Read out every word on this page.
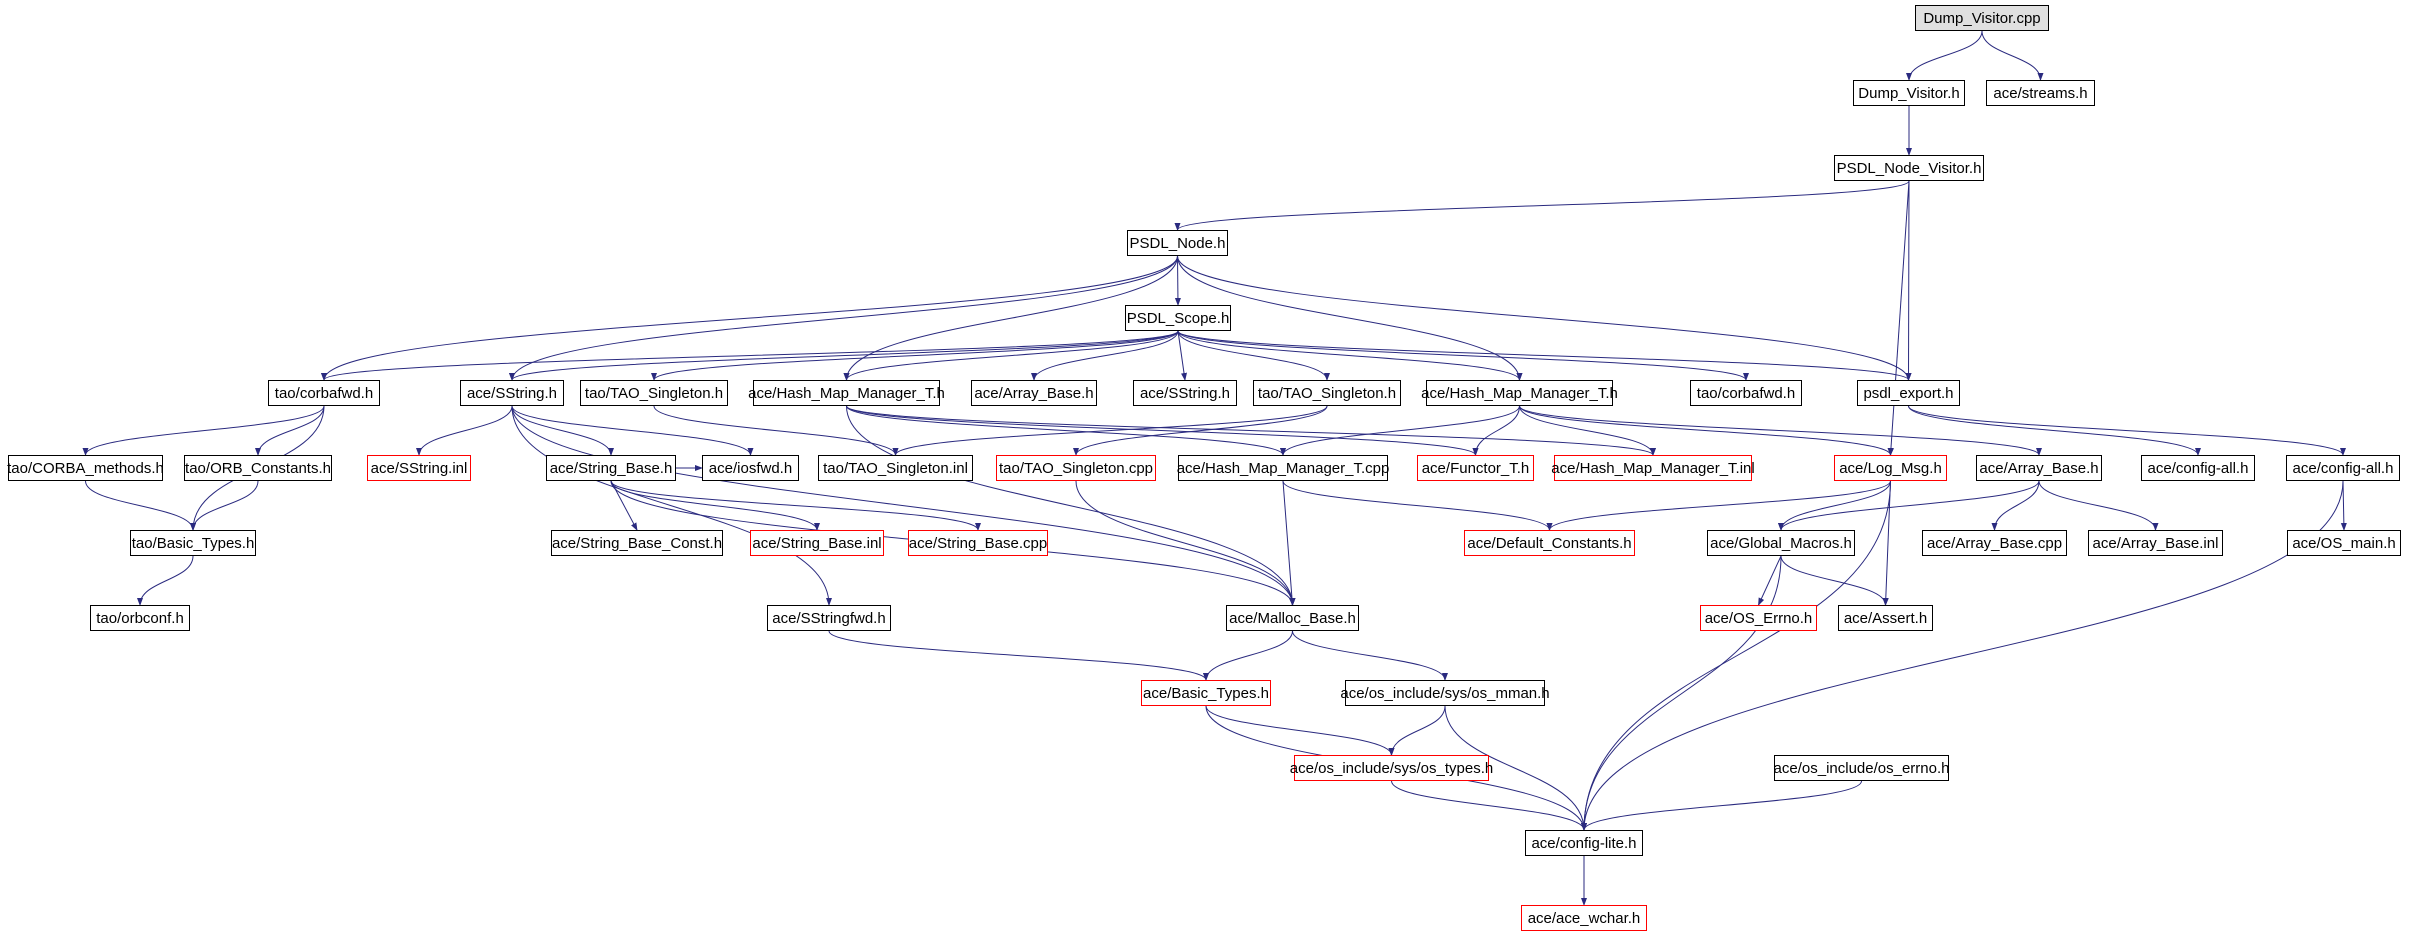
Dump_Visitor.cpp
Dump_Visitor.h ace/streams.h
PSDL_Node_Visitor.h
PSDL_Node.h
PSDL_Scope.h
tao/corbafwd.h	ace/SString.h tao/TAO_Singleton.h ace/Hash_Map_Manager_T.h ace/Array_Base.h	ace/SString.h tao/TAO_Singleton.h ace/Hash_Map_Manager_T.h	tao/corbafwd.h	psdl_export.h
tao/CORBA_methods.h tao/ORB_Constants.h	ace/SString.inl	ace/String_Base.h ace/iosfwd.h tao/TAO_Singleton.inl tao/TAO_Singleton.cpp ace/Hash_Map_Manager_T.cpp ace/Functor_T.h ace/Hash_Map_Manager_T.inl	ace/Log_Msg.h	ace/Array_Base.h	ace/config-all.h	ace/config-all.h
tao/Basic_Types.h	ace/String_Base_Const.h ace/String_Base.inl ace/String_Base.cpp	ace/Default_Constants.h	ace/Global_Macros.h	ace/Array_Base.cpp ace/Array_Base.inl	ace/OS_main.h
tao/orbconf.h	ace/SStringfwd.h	ace/Malloc_Base.h	ace/OS_Errno.h ace/Assert.h
ace/Basic_Types.h	ace/os_include/sys/os_mman.h
ace/os_include/sys/os_types.h	ace/os_include/os_errno.h
ace/config-lite.h
ace/ace_wchar.h
